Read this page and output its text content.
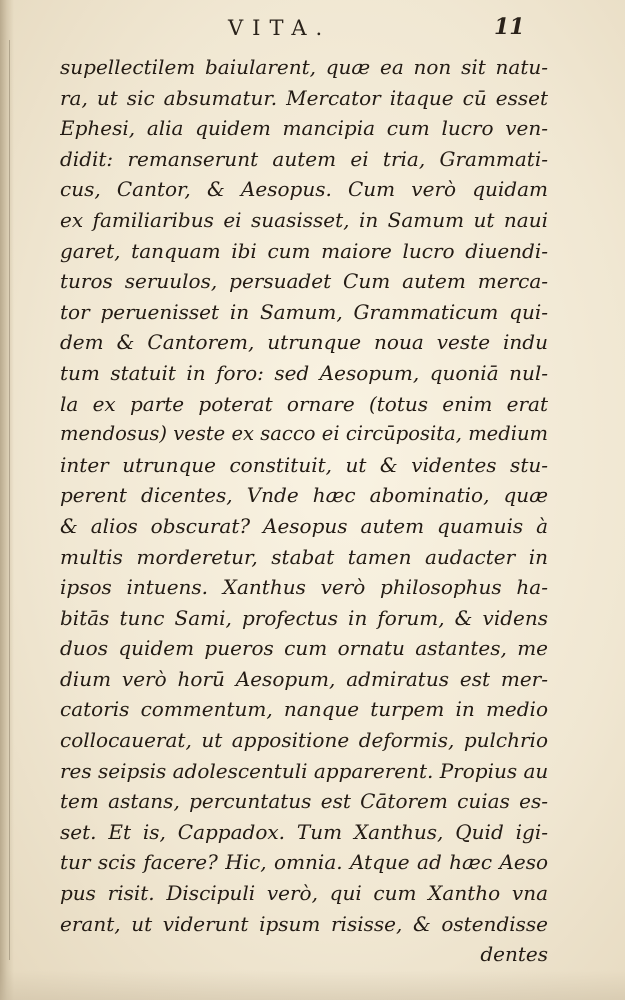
VITA.	11
supellectilem baiularent, quæ ea non sit natu-
ra, ut sic absumatur. Mercator itaque cū esset
Ephesi, alia quidem mancipia cum lucro ven-
didit: remanserunt autem ei tria, Grammati-
cus, Cantor, & Aesopus. Cum verò quidam
ex familiaribus ei suasisset, in Samum ut naui
garet, tanquam ibi cum maiore lucro diuendi-
turos seruulos, persuadet Cum autem merca-
tor peruenisset in Samum, Grammaticum qui-
dem & Cantorem, utrunque noua veste indu
tum statuit in foro: sed Aesopum, quoniā nul-
la ex parte poterat ornare (totus enim erat
mendosus) veste ex sacco ei circūposita, medium
inter utrunque constituit, ut & videntes stu-
perent dicentes, Vnde hæc abominatio, quæ
& alios obscurat? Aesopus autem quamuis à
multis morderetur, stabat tamen audacter in
ipsos intuens. Xanthus verò philosophus ha-
bitās tunc Sami, profectus in forum, & videns
duos quidem pueros cum ornatu astantes, me
dium verò horū Aesopum, admiratus est mer-
catoris commentum, nanque turpem in medio
collocauerat, ut appositione deformis, pulchrio
res seipsis adolescentuli apparerent. Propius au
tem astans, percuntatus est Cātorem cuias es-
set. Et is, Cappadox. Tum Xanthus, Quid igi-
tur scis facere? Hic, omnia. Atque ad hæc Aeso
pus risit. Discipuli verò, qui cum Xantho vna
erant, ut viderunt ipsum risisse, & ostendisse
dentes
